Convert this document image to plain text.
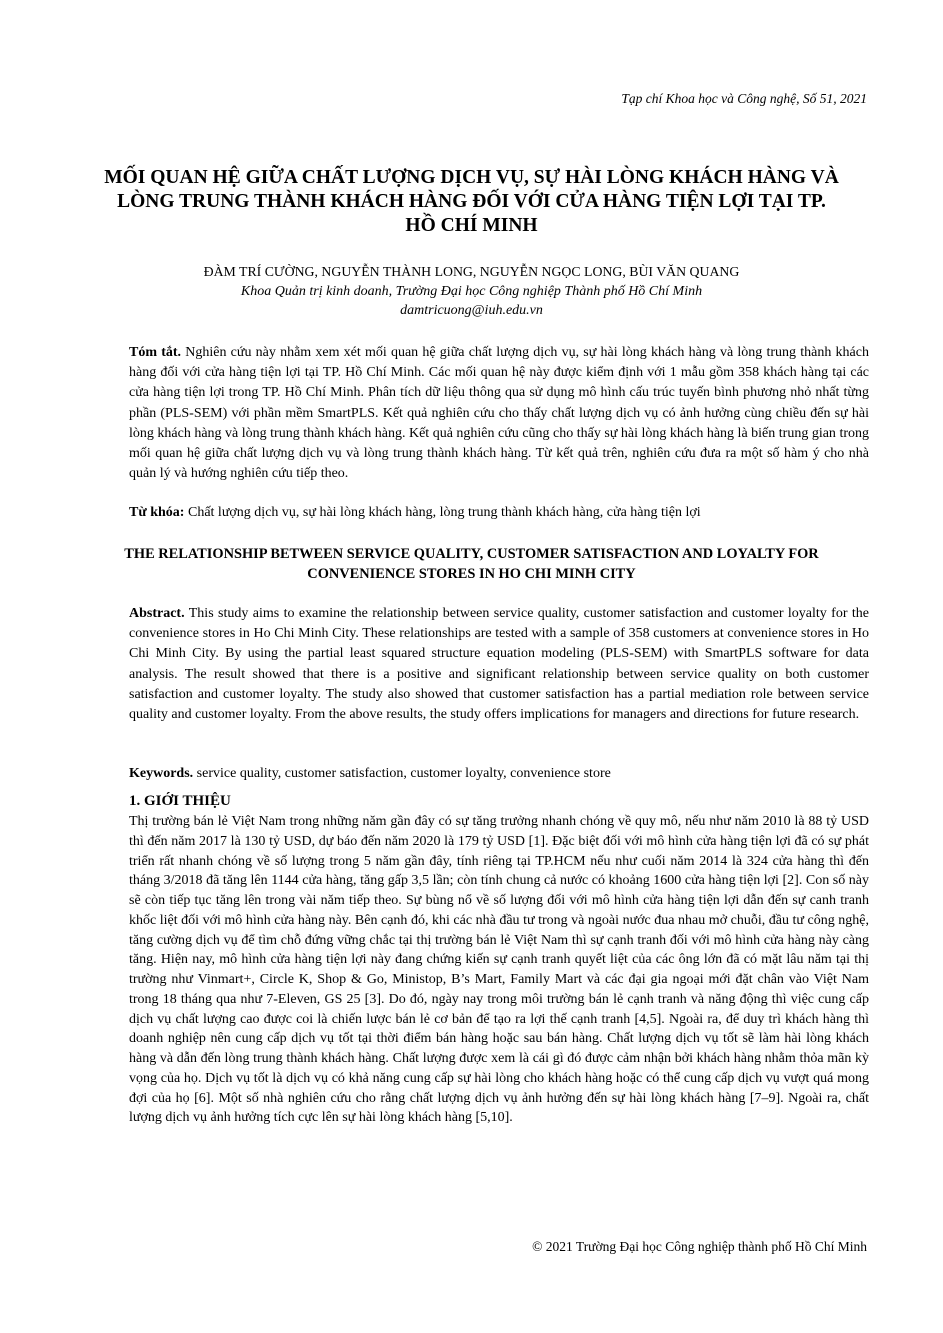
Tạp chí Khoa học và Công nghệ, Số 51, 2021
MỐI QUAN HỆ GIỮA CHẤT LƯỢNG DỊCH VỤ, SỰ HÀI LÒNG KHÁCH HÀNG VÀ LÒNG TRUNG THÀNH KHÁCH HÀNG ĐỐI VỚI CỬA HÀNG TIỆN LỢI TẠI TP. HỒ CHÍ MINH
ĐÀM TRÍ CƯỜNG, NGUYỄN THÀNH LONG, NGUYỄN NGỌC LONG, BÙI VĂN QUANG
Khoa Quản trị kinh doanh, Trường Đại học Công nghiệp Thành phố Hồ Chí Minh
damtricuong@iuh.edu.vn

Tóm tắt. Nghiên cứu này nhằm xem xét mối quan hệ giữa chất lượng dịch vụ, sự hài lòng khách hàng và lòng trung thành khách hàng đối với cửa hàng tiện lợi tại TP. Hồ Chí Minh. Các mối quan hệ này được kiểm định với 1 mẫu gồm 358 khách hàng tại các cửa hàng tiện lợi trong TP. Hồ Chí Minh. Phân tích dữ liệu thông qua sử dụng mô hình cấu trúc tuyến bình phương nhỏ nhất từng phần (PLS-SEM) với phần mềm SmartPLS. Kết quả nghiên cứu cho thấy chất lượng dịch vụ có ảnh hưởng cùng chiều đến sự hài lòng khách hàng và lòng trung thành khách hàng. Kết quả nghiên cứu cũng cho thấy sự hài lòng khách hàng là biến trung gian trong mối quan hệ giữa chất lượng dịch vụ và lòng trung thành khách hàng. Từ kết quả trên, nghiên cứu đưa ra một số hàm ý cho nhà quản lý và hướng nghiên cứu tiếp theo.

Từ khóa: Chất lượng dịch vụ, sự hài lòng khách hàng, lòng trung thành khách hàng, cửa hàng tiện lợi

THE RELATIONSHIP BETWEEN SERVICE QUALITY, CUSTOMER SATISFACTION AND LOYALTY FOR CONVENIENCE STORES IN HO CHI MINH CITY

Abstract. This study aims to examine the relationship between service quality, customer satisfaction and customer loyalty for the convenience stores in Ho Chi Minh City. These relationships are tested with a sample of 358 customers at convenience stores in Ho Chi Minh City. By using the partial least squared structure equation modeling (PLS-SEM) with SmartPLS software for data analysis. The result showed that there is a positive and significant relationship between service quality on both customer satisfaction and customer loyalty. The study also showed that customer satisfaction has a partial mediation role between service quality and customer loyalty. From the above results, the study offers implications for managers and directions for future research.

Keywords. service quality, customer satisfaction, customer loyalty, convenience store

1. GIỚI THIỆU

Thị trường bán lẻ Việt Nam trong những năm gần đây có sự tăng trưởng nhanh chóng về quy mô, nếu như năm 2010 là 88 tỷ USD thì đến năm 2017 là 130 tỷ USD, dự báo đến năm 2020 là 179 tỷ USD [1]. Đặc biệt đối với mô hình cửa hàng tiện lợi đã có sự phát triển rất nhanh chóng về số lượng trong 5 năm gần đây, tính riêng tại TP.HCM nếu như cuối năm 2014 là 324 cửa hàng thì đến tháng 3/2018 đã tăng lên 1144 cửa hàng, tăng gấp 3,5 lần; còn tính chung cả nước có khoảng 1600 cửa hàng tiện lợi [2]. Con số này sẽ còn tiếp tục tăng lên trong vài năm tiếp theo. Sự bùng nổ về số lượng đối với mô hình cửa hàng tiện lợi dẫn đến sự canh tranh khốc liệt đối với mô hình cửa hàng này. Bên cạnh đó, khi các nhà đầu tư trong và ngoài nước đua nhau mở chuỗi, đầu tư công nghệ, tăng cường dịch vụ để tìm chỗ đứng vững chắc tại thị trường bán lẻ Việt Nam thì sự cạnh tranh đối với mô hình cửa hàng này càng tăng. Hiện nay, mô hình cửa hàng tiện lợi này đang chứng kiến sự cạnh tranh quyết liệt của các ông lớn đã có mặt lâu năm tại thị trường như Vinmart+, Circle K, Shop & Go, Ministop, B’s Mart, Family Mart và các đại gia ngoại mới đặt chân vào Việt Nam trong 18 tháng qua như 7-Eleven, GS 25 [3]. Do đó, ngày nay trong môi trường bán lẻ cạnh tranh và năng động thì việc cung cấp dịch vụ chất lượng cao được coi là chiến lược bán lẻ cơ bản để tạo ra lợi thế cạnh tranh [4,5]. Ngoài ra, để duy trì khách hàng thì doanh nghiệp nên cung cấp dịch vụ tốt tại thời điểm bán hàng hoặc sau bán hàng. Chất lượng dịch vụ tốt sẽ làm hài lòng khách hàng và dẫn đến lòng trung thành khách hàng. Chất lượng được xem là cái gì đó được cảm nhận bởi khách hàng nhằm thỏa mãn kỳ vọng của họ. Dịch vụ tốt là dịch vụ có khả năng cung cấp sự hài lòng cho khách hàng hoặc có thể cung cấp dịch vụ vượt quá mong đợi của họ [6]. Một số nhà nghiên cứu cho rằng chất lượng dịch vụ ảnh hưởng đến sự hài lòng khách hàng [7–9]. Ngoài ra, chất lượng dịch vụ ảnh hưởng tích cực lên sự hài lòng khách hàng [5,10].

© 2021 Trường Đại học Công nghiệp thành phố Hồ Chí Minh
